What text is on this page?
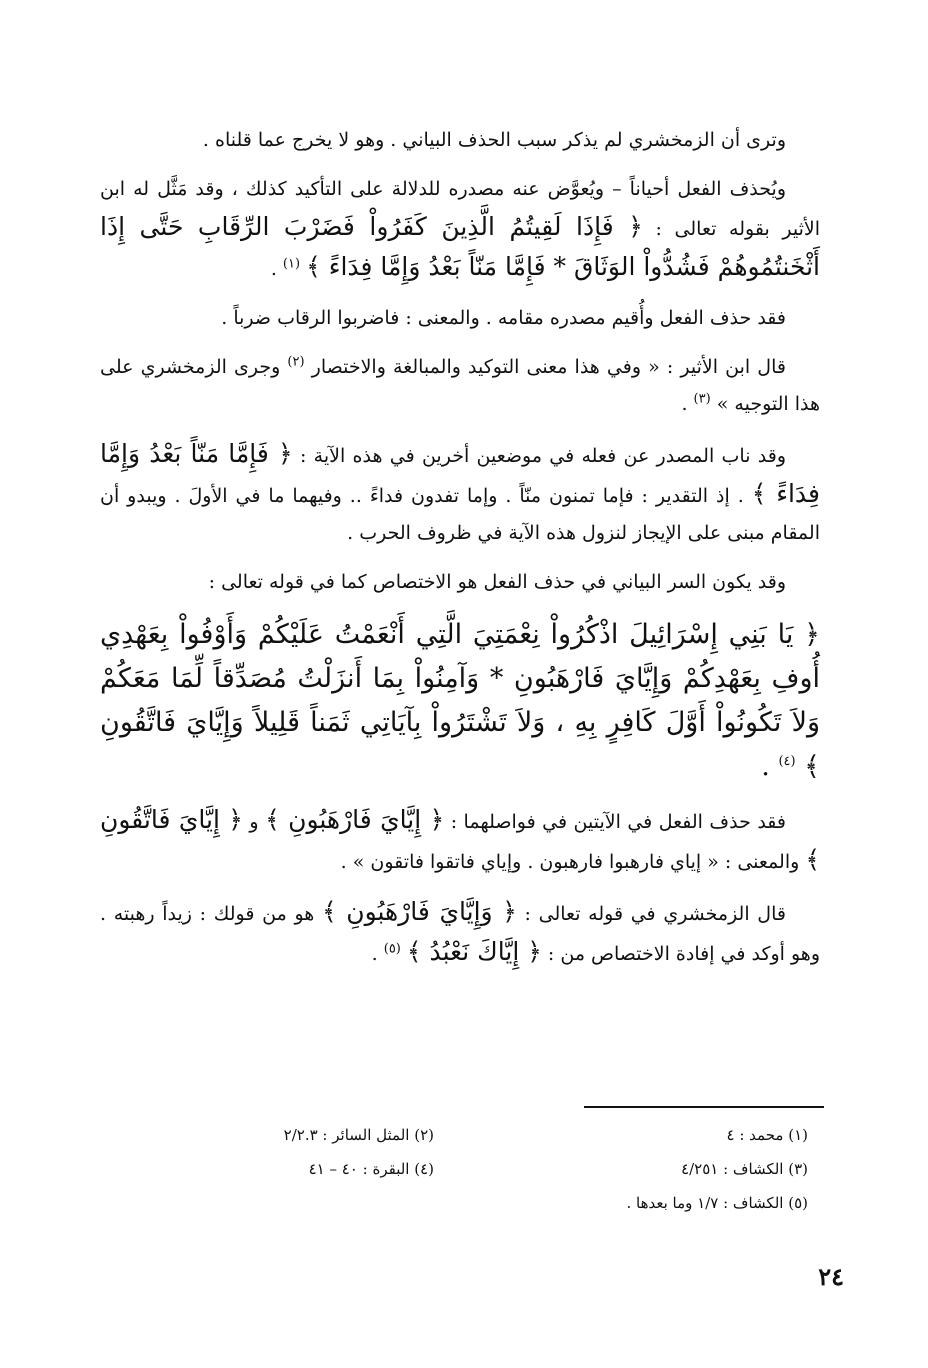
وترى أن الزمخشري لم يذكر سبب الحذف البياني . وهو لا يخرج عما قلناه .

ويُحذف الفعل أحياناً – ويُعوَّض عنه مصدره للدلالة على التأكيد كذلك ، وقد مَثَّل له ابن الأثير بقوله تعالى : ﴿ فَإِذَا لَقِيتُمُ الَّذِينَ كَفَرُواْ فَضَرْبَ الرِّقَابِ حَتَّى إِذَا أَثْخَنتُمُوهُمْ فَشُدُّواْ الوَثَاقَ * فَإِمَّا مَنّاً بَعْدُ وَإِمَّا فِدَاءً ﴾ $^{(١)}$ .

فقد حذف الفعل وأُقيم مصدره مقامه . والمعنى : فاضربوا الرقاب ضرباً .

قال ابن الأثير : « وفي هذا معنى التوكيد والمبالغة والاختصار $^{(٢)}$ وجرى الزمخشري على هذا التوجيه » $^{(٣)}$ .

وقد ناب المصدر عن فعله في موضعين أخرين في هذه الآية : ﴿ فَإِمَّا مَنّاً بَعْدُ وَإِمَّا فِدَاءً ﴾ . إذ التقدير : فإما تمنون منّاً . وإما تفدون فداءً .. وفيهما ما في الأولَ . ويبدو أن المقام مبنى على الإيجاز لنزول هذه الآية في ظروف الحرب .

وقد يكون السر البياني في حذف الفعل هو الاختصاص كما في قوله تعالى :

﴿ يَا بَنِي إِسْرَائِيلَ اذْكُرُواْ نِعْمَتِيَ الَّتِي أَنْعَمْتُ عَلَيْكُمْ وَأَوْفُواْ بِعَهْدِي أُوفِ بِعَهْدِكُمْ وَإِيَّايَ فَارْهَبُونِ * وَآمِنُواْ بِمَا أَنزَلْتُ مُصَدِّقاً لِّمَا مَعَكُمْ وَلاَ تَكُونُواْ أَوَّلَ كَافِرٍ بِهِ ، وَلاَ تَشْتَرُواْ بِآيَاتِي ثَمَناً قَلِيلاً وَإِيَّايَ فَاتَّقُونِ ﴾ $^{(٤)}$ .

فقد حذف الفعل في الآيتين في فواصلهما : ﴿ إِيَّايَ فَارْهَبُونِ ﴾ و ﴿ إِيَّايَ فَاتَّقُونِ ﴾ والمعنى : « إياي فارهبوا فارهبون . وإياي فاتقوا فاتقون » .

قال الزمخشري في قوله تعالى : ﴿ وَإِيَّايَ فَارْهَبُونِ ﴾ هو من قولك : زيداً رهبته . وهو أوكد في إفادة الاختصاص من : ﴿ إِيَّاكَ نَعْبُدُ ﴾ $^{(٥)}$ .

(١) محمد : ٤
(٢) المثل السائر : ٢/٢.٣
(٣) الكشاف : ٤/٢٥١
(٤) البقرة : ٤٠ – ٤١
(٥) الكشاف : ١/٧ وما بعدها .
٢٤
